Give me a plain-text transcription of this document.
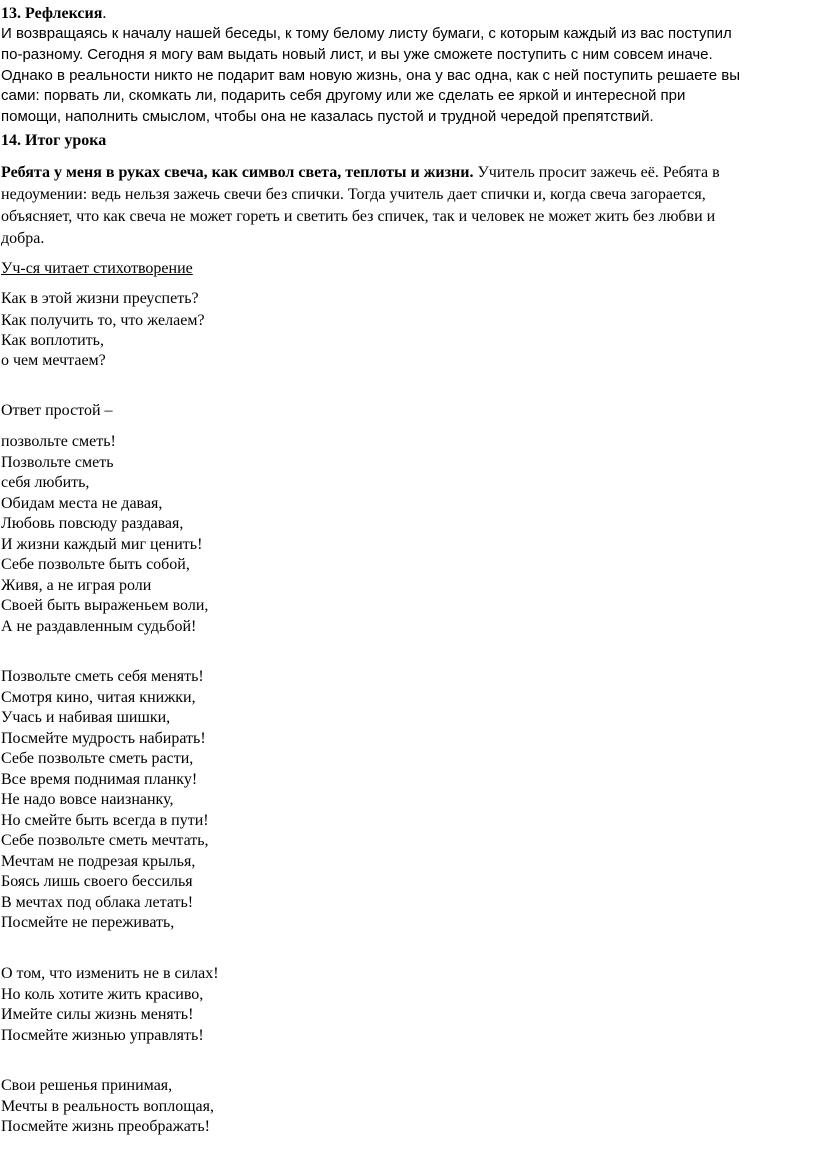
13. Рефлексия.
И возвращаясь к началу нашей беседы, к тому белому листу бумаги, с которым каждый из вас поступил
по-разному. Сегодня я могу вам выдать новый лист, и вы уже сможете поступить с ним совсем иначе.
Однако в реальности никто не подарит вам новую жизнь, она у вас одна, как с ней поступить решаете вы
сами: порвать ли, скомкать ли, подарить себя другому или же сделать ее яркой и интересной при
помощи, наполнить смыслом, чтобы она не казалась пустой и трудной чередой препятствий.
14. Итог урока
Ребята у меня в руках свеча, как символ света, теплоты и жизни. Учитель просит зажечь её. Ребята в
недоумении: ведь нельзя зажечь свечи без спички. Тогда учитель дает спички и, когда свеча загорается,
объясняет, что как свеча не может гореть и светить без спичек, так и человек не может жить без любви и
добра.
Уч-ся читает стихотворение
Как в этой жизни преуспеть?
Как получить то, что желаем?
Как воплотить,
о чем мечтаем?
Ответ простой –
позвольте сметь!
Позвольте сметь
себя любить,
Обидам места не давая,
Любовь повсюду раздавая,
И жизни каждый миг ценить!
Себе позвольте быть собой,
Живя, а не играя роли
Своей быть выраженьем воли,
А не раздавленным судьбой!
Позвольте сметь себя менять!
Смотря кино, читая книжки,
Учась и набивая шишки,
Посмейте мудрость набирать!
Себе позвольте сметь расти,
Все время поднимая планку!
Не надо вовсе наизнанку,
Но смейте быть всегда в пути!
Себе позвольте сметь мечтать,
Мечтам не подрезая крылья,
Боясь лишь своего бессилья
В мечтах под облака летать!
Посмейте не переживать,
О том, что изменить не в силах!
Но коль хотите жить красиво,
Имейте силы жизнь менять!
Посмейте жизнью управлять!
Свои решенья принимая,
Мечты в реальность воплощая,
Посмейте жизнь преображать!
